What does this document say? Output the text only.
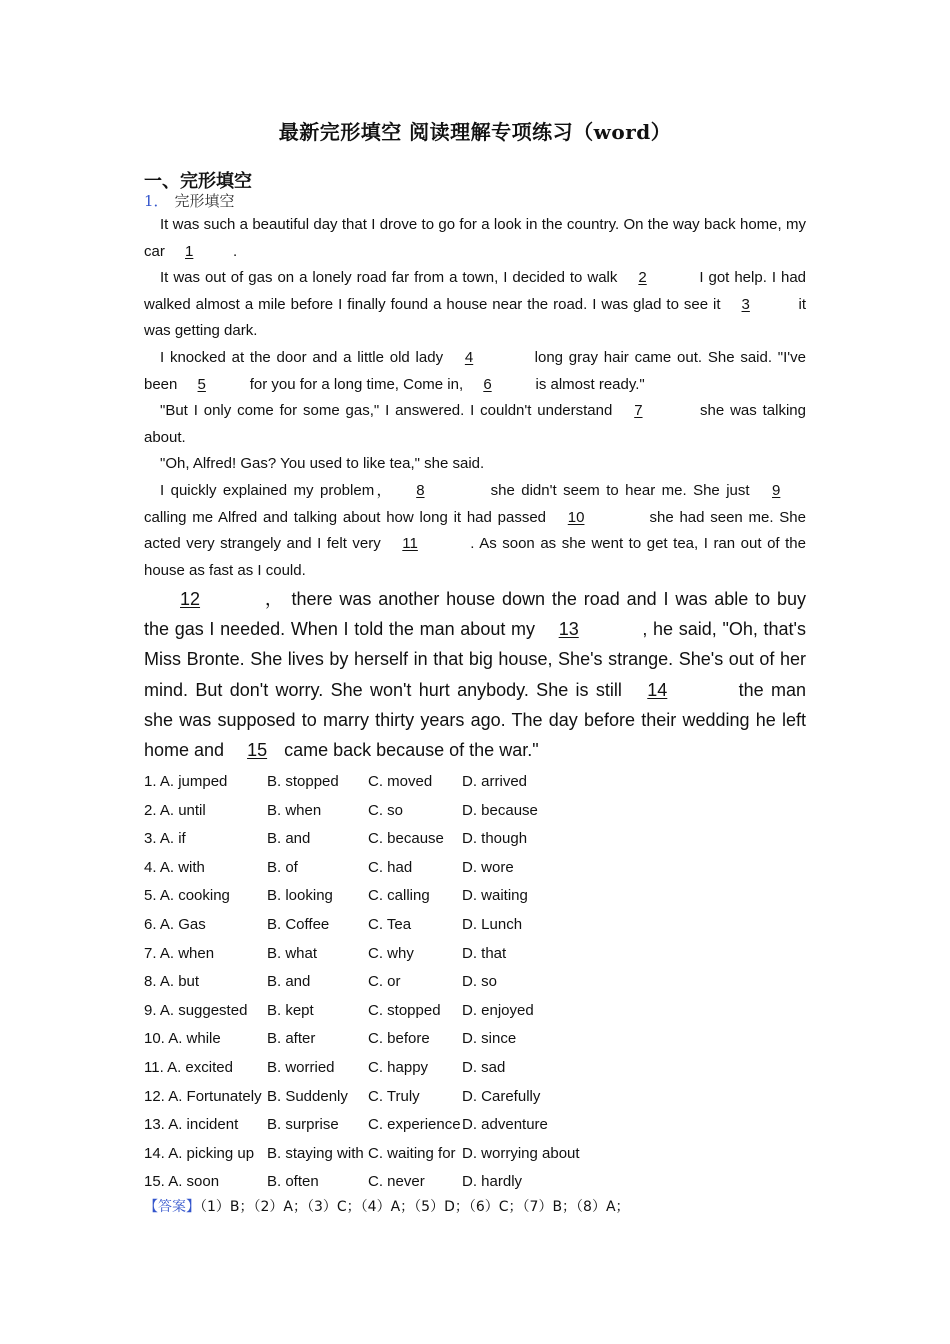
最新完形填空 阅读理解专项练习（word）
一、完形填空
1． 完形填空

It was such a beautiful day that I drove to go for a look in the country. On the way back home, my car 1	.

It was out of gas on a lonely road far from a town, I decided to walk 2	I got help. I had walked almost a mile before I finally found a house near the road. I was glad to see it 3	it was getting dark.

I knocked at the door and a little old lady 4	long gray hair came out. She said. "I've been 5	for you for a long time, Come in, 6	is almost ready."

"But I only come for some gas," I answered. I couldn't understand 7	she was talking about.

"Oh, Alfred! Gas? You used to like tea," she said.

I quickly explained my problem， 8	she didn't seem to hear me. She just 9 calling me Alfred and talking about how long it had passed 10	she had seen me. She acted very strangely and I felt very 11	. As soon as she went to get tea, I ran out of the house as fast as I could.

12	， there was another house down the road and I was able to buy the gas I needed. When I told the man about my 13	, he said, "Oh, that's Miss Bronte. She lives by herself in that big house, She's strange. She's out of her mind. But don't worry. She won't hurt anybody. She is still 14	the man she was supposed to marry thirty years ago. The day before their wedding he left home and 15 came back because of the war."

1. A. jumped	B. stopped C. moved D. arrived
2. A. until	B. when	C. so	D. because
3. A. if	B. and	C. because D. though
4. A. with	B. of	C. had	D. wore
5. A. cooking B. looking C. calling D. waiting
6. A. Gas	B. Coffee	C. Tea	D. Lunch
7. A. when	B. what	C. why	D. that
8. A. but	B. and	C. or	D. so
9. A. suggested B. kept	C. stopped D. enjoyed
10. A. while	B. after	C. before D. since
11. A. excited B. worried C. happy D. sad
12. A. Fortunately B. Suddenly C. Truly	D. Carefully
13. A. incident B. surprise C. experience D. adventure
14. A. picking up B. staying with C. waiting for D. worrying about
15. A. soon	B. often	C. never D. hardly
【答案】（1）B；（2）A；（3）C；（4）A；（5）D；（6）C；（7）B；（8）A；
